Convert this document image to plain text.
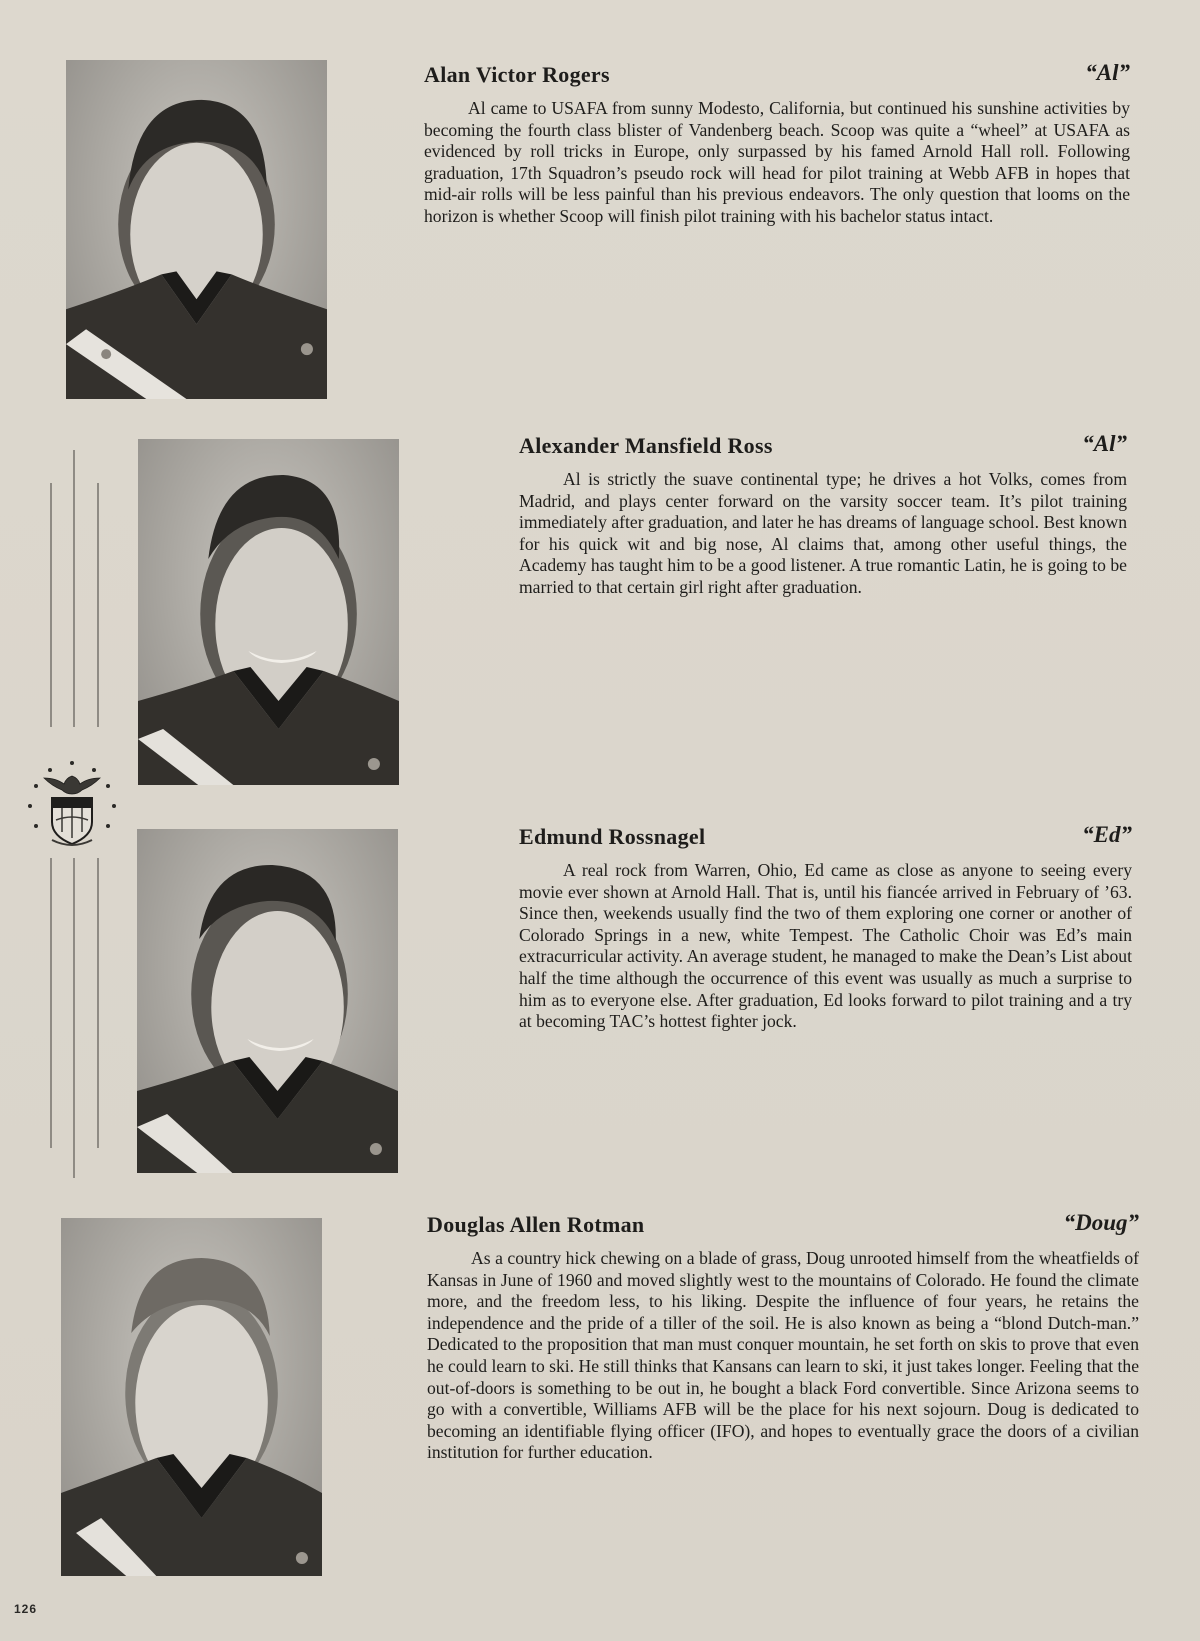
Alan Victor Rogers	“Al”

Al came to USAFA from sunny Modesto, California, but continued his sunshine activities by becoming the fourth class blister of Vandenberg beach. Scoop was quite a “wheel” at USAFA as evidenced by roll tricks in Europe, only surpassed by his famed Arnold Hall roll. Following graduation, 17th Squadron’s pseudo rock will head for pilot training at Webb AFB in hopes that mid-air rolls will be less painful than his previous endeavors. The only question that looms on the horizon is whether Scoop will finish pilot training with his bachelor status intact.

Alexander Mansfield Ross	“Al”

Al is strictly the suave continental type; he drives a hot Volks, comes from Madrid, and plays center forward on the varsity soccer team. It’s pilot training immediately after graduation, and later he has dreams of language school. Best known for his quick wit and big nose, Al claims that, among other useful things, the Academy has taught him to be a good listener. A true romantic Latin, he is going to be married to that certain girl right after graduation.

Edmund Rossnagel	“Ed”

A real rock from Warren, Ohio, Ed came as close as anyone to seeing every movie ever shown at Arnold Hall. That is, until his fiancée arrived in February of ’63. Since then, weekends usually find the two of them exploring one corner or another of Colorado Springs in a new, white Tempest. The Catholic Choir was Ed’s main extracurricular activity. An average student, he managed to make the Dean’s List about half the time although the occurrence of this event was usually as much a surprise to him as to everyone else. After graduation, Ed looks forward to pilot training and a try at becoming TAC’s hottest fighter jock.

Douglas Allen Rotman	“Doug”

As a country hick chewing on a blade of grass, Doug unrooted himself from the wheatfields of Kansas in June of 1960 and moved slightly west to the mountains of Colorado. He found the climate more, and the freedom less, to his liking. Despite the influence of four years, he retains the independence and the pride of a tiller of the soil. He is also known as being a “blond Dutch-man.” Dedicated to the proposition that man must conquer mountain, he set forth on skis to prove that even he could learn to ski. He still thinks that Kansans can learn to ski, it just takes longer. Feeling that the out-of-doors is something to be out in, he bought a black Ford convertible. Since Arizona seems to go with a convertible, Williams AFB will be the place for his next sojourn. Doug is dedicated to becoming an identifiable flying officer (IFO), and hopes to eventually grace the doors of a civilian institution for further education.

126
